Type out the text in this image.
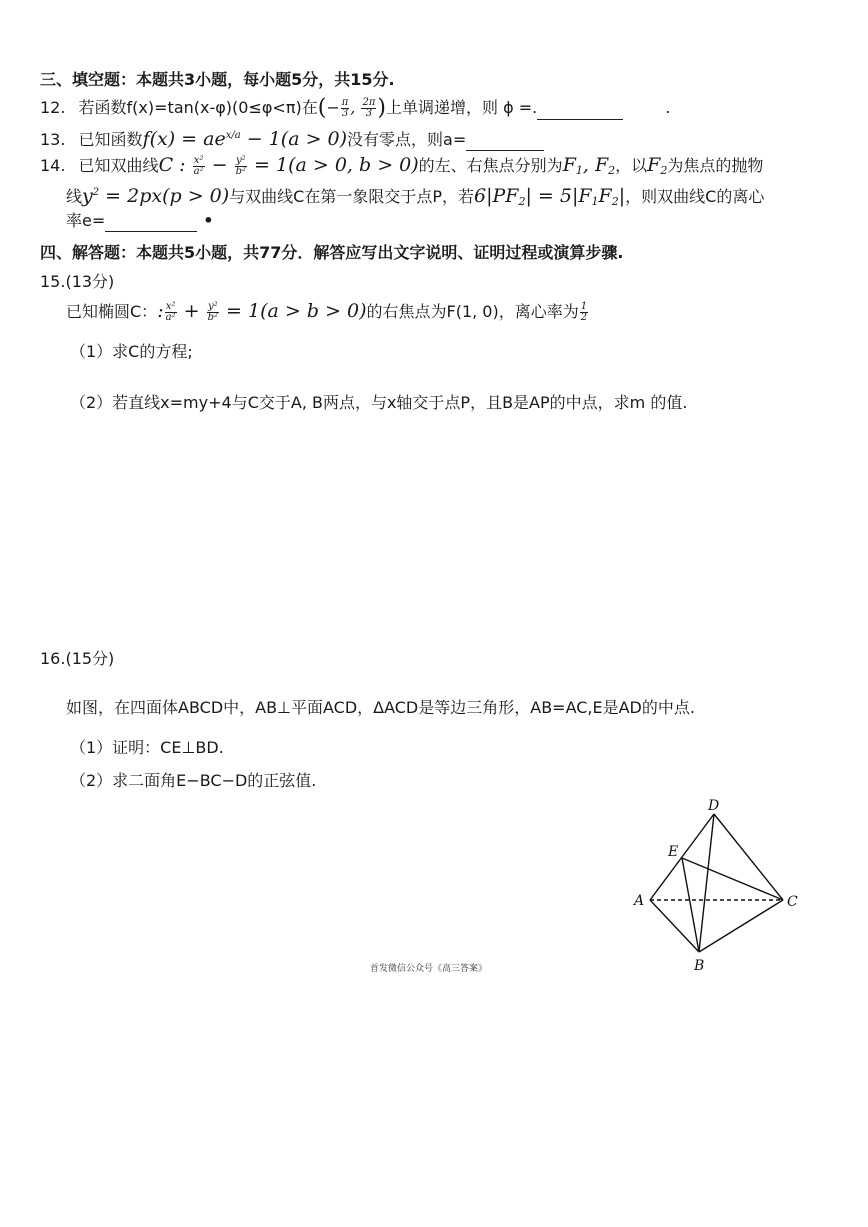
三、填空题：本题共3小题，每小题5分，共15分.
12. 若函数f(x)=tan(x-φ)(0≤φ<π)在(− $\frac{\pi}{3}$ , $\frac{2\pi}{3}$ )上单调递增，则 ϕ =.	.
13. 已知函数$f(x) = ae^{x/a} - 1(a > 0)$没有零点，则a=
14. 已知双曲线C : $\frac{\text{x²}}{\text{a²}} - \frac{\text{y²}}{\text{b²}} = 1(a > 0$, b > 0)的左、右焦点分别为$F_1$, $F_2$，以$F_2$为焦点的抛物
线$y^2 = 2px(p > 0)$与双曲线C在第一象限交于点P，若$6|PF_2| = 5|F_1F_2|$，则双曲线C的离心
率e=	•
四、解答题：本题共5小题，共77分．解答应写出文字说明、证明过程或演算步骤.
15.(13分)
已知椭圆C：: $\frac{\text{x²}}{\text{a²}} + \frac{\text{y²}}{\text{b²}} = 1(a > b > 0)$的右焦点为F(1, 0)，离心率为 $\frac{1}{2}$
（1）求C的方程;
（2）若直线x=my+4与C交于A, B两点，与x轴交于点P，且B是AP的中点，求m 的值.
16.(15分)
如图，在四面体ABCD中，AB⊥平面ACD，ΔACD是等边三角形，AB=AC,E是AD的中点.
（1）证明：CE⊥BD.
（2）求二面角E−BC−D的正弦值.
D
E
A	C
B
首发微信公众号《高三答案》
